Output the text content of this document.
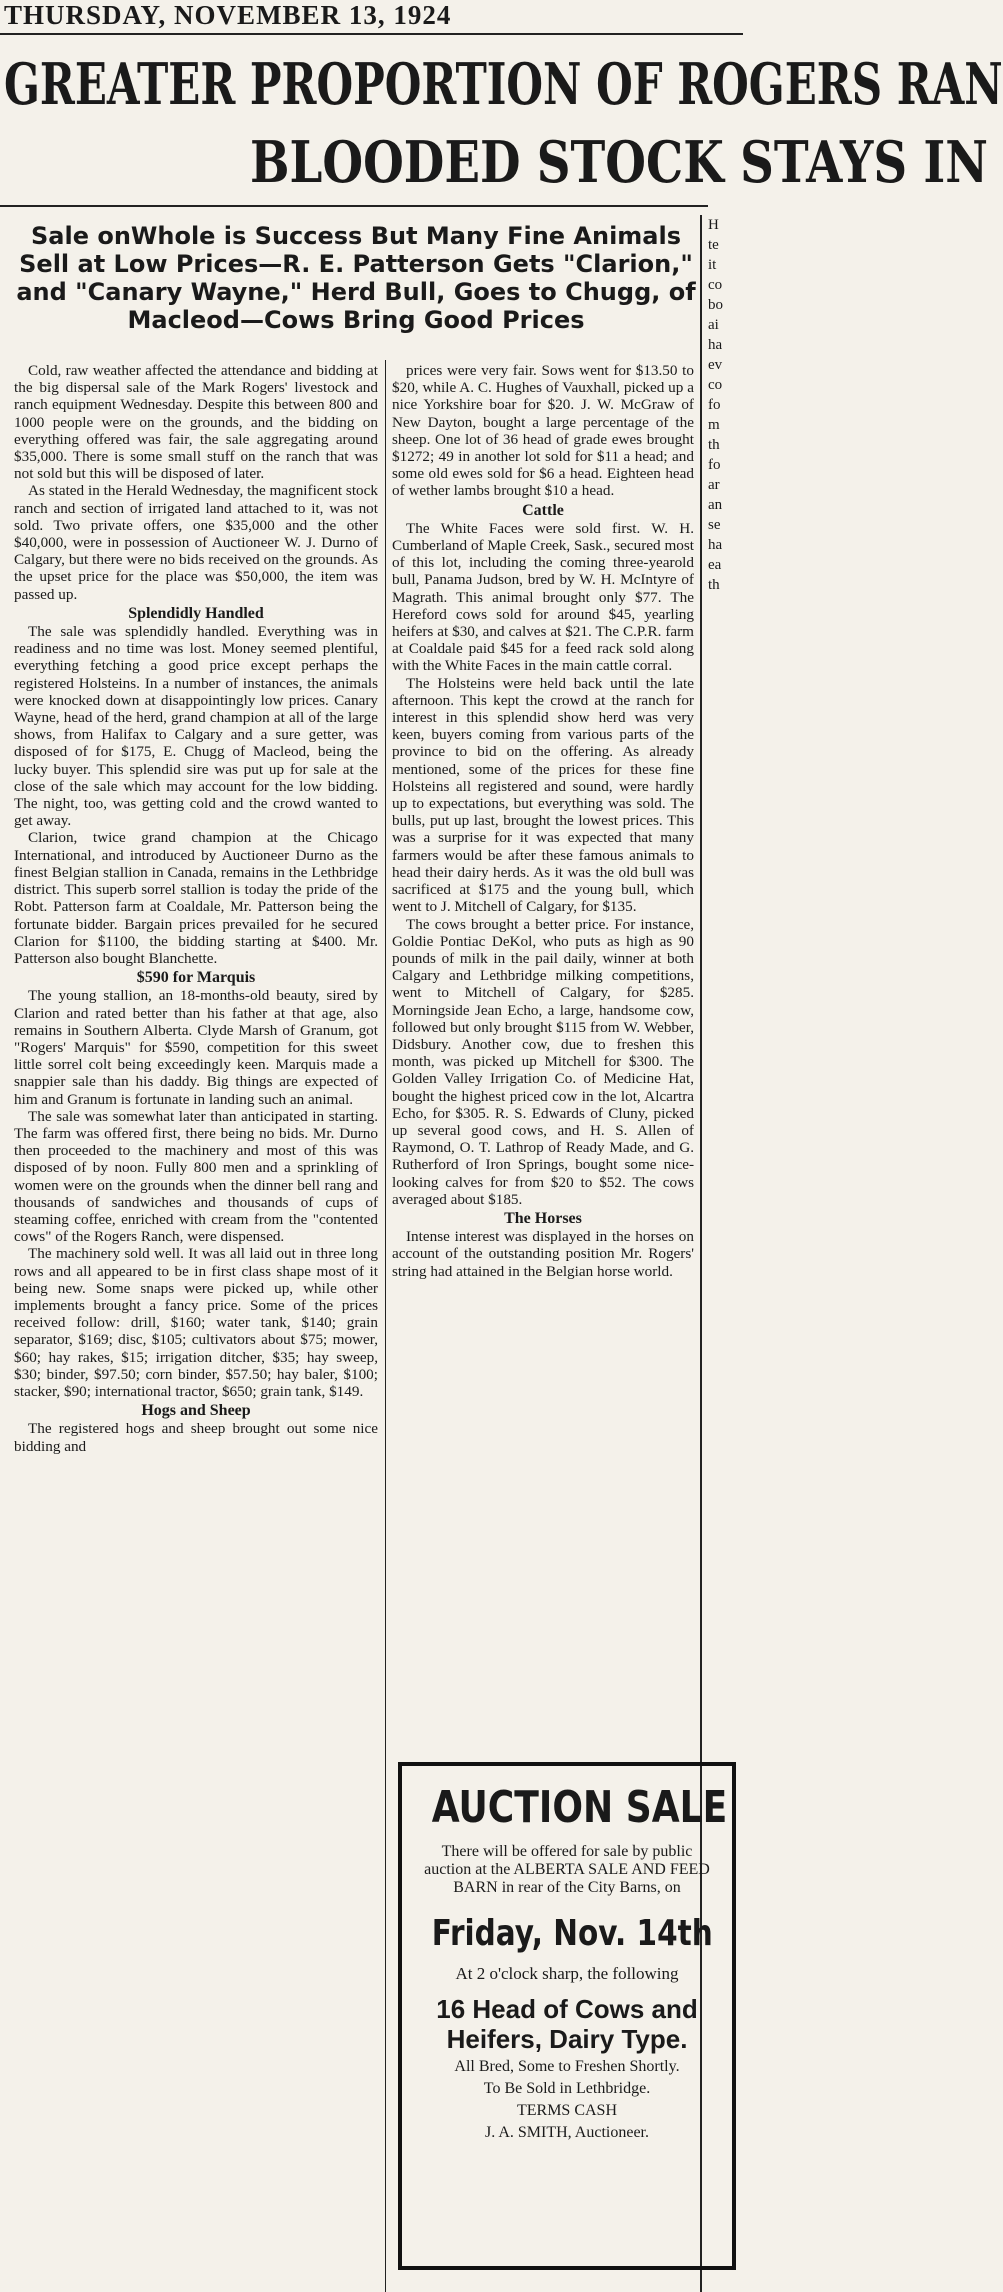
THURSDAY, NOVEMBER 13, 1924
GREATER PROPORTION OF ROGERS RAN
BLOODED STOCK STAYS IN
Sale onWhole is Success But Many Fine Animals Sell at Low Prices—R. E. Patterson Gets "Clarion," and "Canary Wayne," Herd Bull, Goes to Chugg, of Macleod—Cows Bring Good Prices
H
te
it
co
bo
ai
ha
ev
co
fo
m
th
fo
ar
an
se
ha
ea
th

Cold, raw weather affected the attendance and bidding at the big dispersal sale of the Mark Rogers' livestock and ranch equipment Wednesday. Despite this between 800 and 1000 people were on the grounds, and the bidding on everything offered was fair, the sale aggregating around $35,000. There is some small stuff on the ranch that was not sold but this will be disposed of later.

As stated in the Herald Wednesday, the magnificent stock ranch and section of irrigated land attached to it, was not sold. Two private offers, one $35,000 and the other $40,000, were in possession of Auctioneer W. J. Durno of Calgary, but there were no bids received on the grounds. As the upset price for the place was $50,000, the item was passed up.

Splendidly Handled

The sale was splendidly handled. Everything was in readiness and no time was lost. Money seemed plentiful, everything fetching a good price except perhaps the registered Holsteins. In a number of instances, the animals were knocked down at disappointingly low prices. Canary Wayne, head of the herd, grand champion at all of the large shows, from Halifax to Calgary and a sure getter, was disposed of for $175, E. Chugg of Macleod, being the lucky buyer. This splendid sire was put up for sale at the close of the sale which may account for the low bidding. The night, too, was getting cold and the crowd wanted to get away.

Clarion, twice grand champion at the Chicago International, and introduced by Auctioneer Durno as the finest Belgian stallion in Canada, remains in the Lethbridge district. This superb sorrel stallion is today the pride of the Robt. Patterson farm at Coaldale, Mr. Patterson being the fortunate bidder. Bargain prices prevailed for he secured Clarion for $1100, the bidding starting at $400. Mr. Patterson also bought Blanchette.

$590 for Marquis

The young stallion, an 18-months-old beauty, sired by Clarion and rated better than his father at that age, also remains in Southern Alberta. Clyde Marsh of Granum, got "Rogers' Marquis" for $590, competition for this sweet little sorrel colt being exceedingly keen. Marquis made a snappier sale than his daddy. Big things are expected of him and Granum is fortunate in landing such an animal.

The sale was somewhat later than anticipated in starting. The farm was offered first, there being no bids. Mr. Durno then proceeded to the machinery and most of this was disposed of by noon. Fully 800 men and a sprinkling of women were on the grounds when the dinner bell rang and thousands of sandwiches and thousands of cups of steaming coffee, enriched with cream from the "contented cows" of the Rogers Ranch, were dispensed.

The machinery sold well. It was all laid out in three long rows and all appeared to be in first class shape most of it being new. Some snaps were picked up, while other implements brought a fancy price. Some of the prices received follow: drill, $160; water tank, $140; grain separator, $169; disc, $105; cultivators about $75; mower, $60; hay rakes, $15; irrigation ditcher, $35; hay sweep, $30; binder, $97.50; corn binder, $57.50; hay baler, $100; stacker, $90; international tractor, $650; grain tank, $149.

Hogs and Sheep

The registered hogs and sheep brought out some nice bidding and

prices were very fair. Sows went for $13.50 to $20, while A. C. Hughes of Vauxhall, picked up a nice Yorkshire boar for $20. J. W. McGraw of New Dayton, bought a large percentage of the sheep. One lot of 36 head of grade ewes brought $1272; 49 in another lot sold for $11 a head; and some old ewes sold for $6 a head. Eighteen head of wether lambs brought $10 a head.

Cattle

The White Faces were sold first. W. H. Cumberland of Maple Creek, Sask., secured most of this lot, including the coming three-yearold bull, Panama Judson, bred by W. H. McIntyre of Magrath. This animal brought only $77. The Hereford cows sold for around $45, yearling heifers at $30, and calves at $21. The C.P.R. farm at Coaldale paid $45 for a feed rack sold along with the White Faces in the main cattle corral.

The Holsteins were held back until the late afternoon. This kept the crowd at the ranch for interest in this splendid show herd was very keen, buyers coming from various parts of the province to bid on the offering. As already mentioned, some of the prices for these fine Holsteins all registered and sound, were hardly up to expectations, but everything was sold. The bulls, put up last, brought the lowest prices. This was a surprise for it was expected that many farmers would be after these famous animals to head their dairy herds. As it was the old bull was sacrificed at $175 and the young bull, which went to J. Mitchell of Calgary, for $135.

The cows brought a better price. For instance, Goldie Pontiac DeKol, who puts as high as 90 pounds of milk in the pail daily, winner at both Calgary and Lethbridge milking competitions, went to Mitchell of Calgary, for $285. Morningside Jean Echo, a large, handsome cow, followed but only brought $115 from W. Webber, Didsbury. Another cow, due to freshen this month, was picked up Mitchell for $300. The Golden Valley Irrigation Co. of Medicine Hat, bought the highest priced cow in the lot, Alcartra Echo, for $305. R. S. Edwards of Cluny, picked up several good cows, and H. S. Allen of Raymond, O. T. Lathrop of Ready Made, and G. Rutherford of Iron Springs, bought some nice-looking calves for from $20 to $52. The cows averaged about $185.

The Horses

Intense interest was displayed in the horses on account of the outstanding position Mr. Rogers' string had attained in the Belgian horse world.

AUCTION SALE
There will be offered for sale by public auction at the ALBERTA SALE AND FEED BARN in rear of the City Barns, on
Friday, Nov. 14th
At 2 o'clock sharp, the following
16 Head of Cows and Heifers, Dairy Type.
All Bred, Some to Freshen Shortly.
To Be Sold in Lethbridge.
TERMS CASH
J. A. SMITH, Auctioneer.
